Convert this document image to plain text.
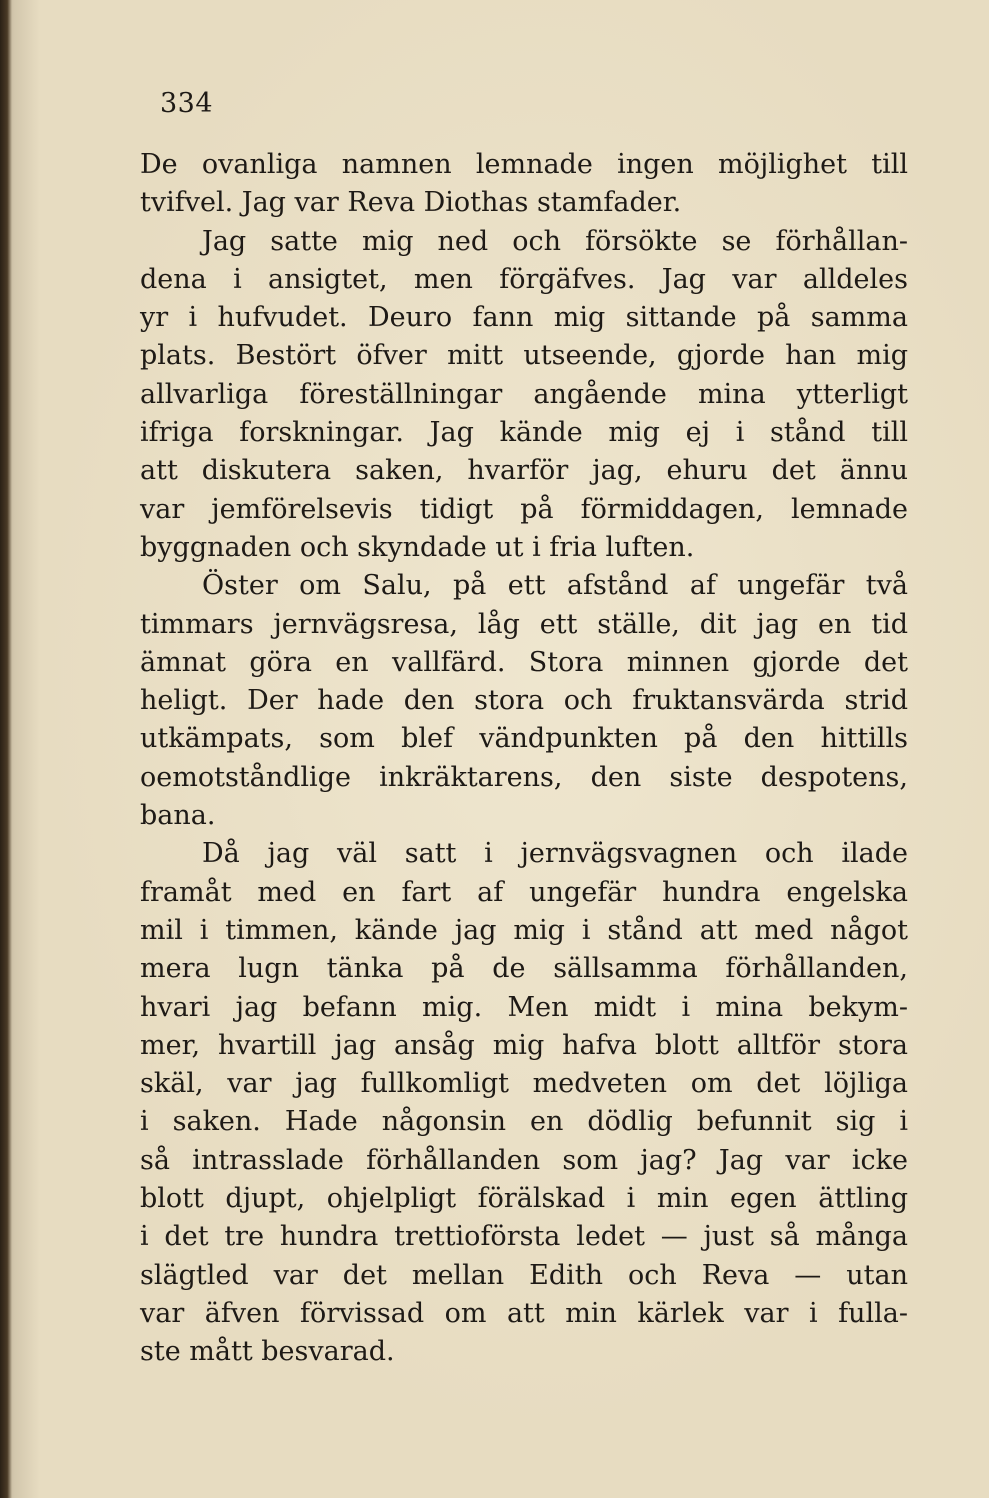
334

De ovanliga namnen lemnade ingen möjlighet till
tvifvel. Jag var Reva Diothas stamfader.
Jag satte mig ned och försökte se förhållan-
dena i ansigtet, men förgäfves. Jag var alldeles
yr i hufvudet. Deuro fann mig sittande på samma
plats. Bestört öfver mitt utseende, gjorde han mig
allvarliga föreställningar angående mina ytterligt
ifriga forskningar. Jag kände mig ej i stånd till
att diskutera saken, hvarför jag, ehuru det ännu
var jemförelsevis tidigt på förmiddagen, lemnade
byggnaden och skyndade ut i fria luften.
Öster om Salu, på ett afstånd af ungefär två
timmars jernvägsresa, låg ett ställe, dit jag en tid
ämnat göra en vallfärd. Stora minnen gjorde det
heligt. Der hade den stora och fruktansvärda strid
utkämpats, som blef vändpunkten på den hittills
oemotståndlige inkräktarens, den siste despotens,
bana.
Då jag väl satt i jernvägsvagnen och ilade
framåt med en fart af ungefär hundra engelska
mil i timmen, kände jag mig i stånd att med något
mera lugn tänka på de sällsamma förhållanden,
hvari jag befann mig. Men midt i mina bekym-
mer, hvartill jag ansåg mig hafva blott alltför stora
skäl, var jag fullkomligt medveten om det löjliga
i saken. Hade någonsin en dödlig befunnit sig i
så intrasslade förhållanden som jag? Jag var icke
blott djupt, ohjelpligt förälskad i min egen ättling
i det tre hundra trettioförsta ledet — just så många
slägtled var det mellan Edith och Reva — utan
var äfven förvissad om att min kärlek var i fulla-
ste mått besvarad.
